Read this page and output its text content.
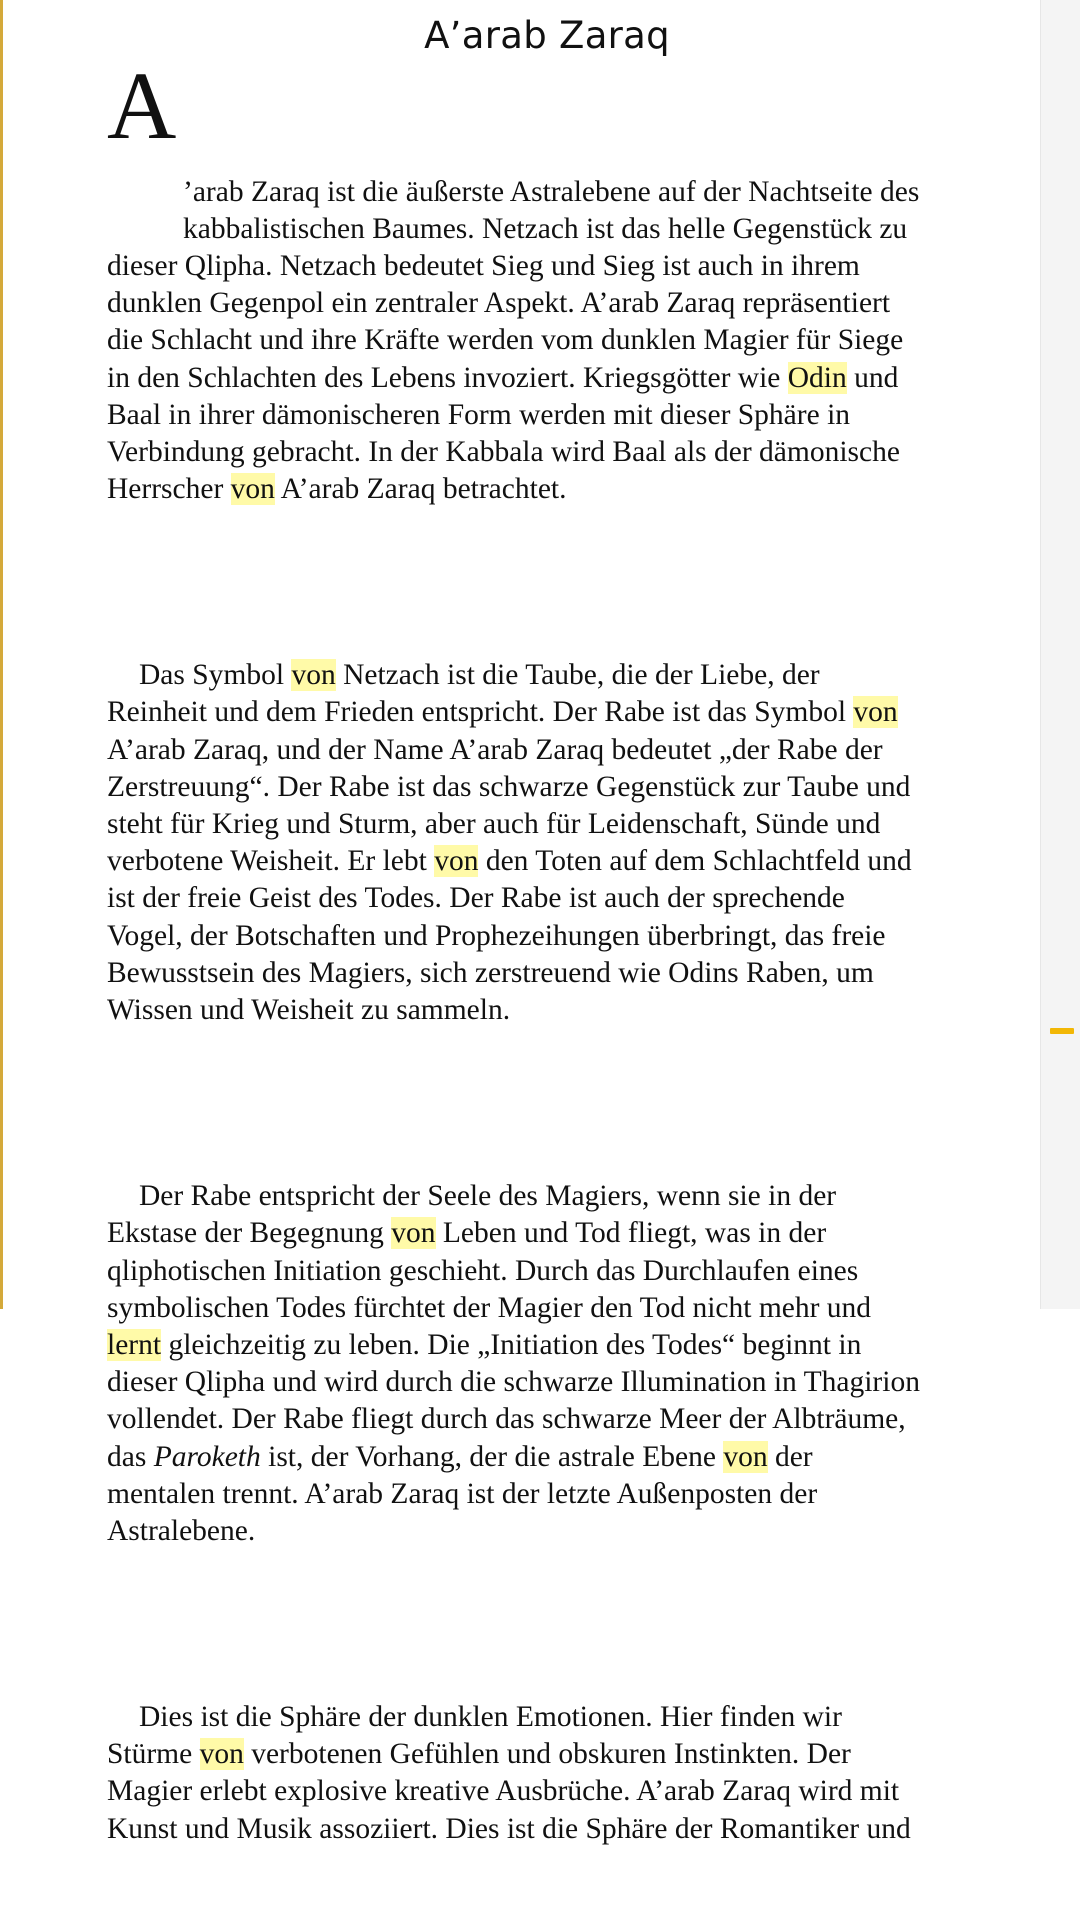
A’arab Zaraq

A

’arab Zaraq ist die äußerste Astralebene auf der Nachtseite des
kabbalistischen Baumes. Netzach ist das helle Gegenstück zu
dieser Qlipha. Netzach bedeutet Sieg und Sieg ist auch in ihrem
dunklen Gegenpol ein zentraler Aspekt. A’arab Zaraq repräsentiert
die Schlacht und ihre Kräfte werden vom dunklen Magier für Siege
in den Schlachten des Lebens invoziert. Kriegsgötter wie Odin und
Baal in ihrer dämonischeren Form werden mit dieser Sphäre in
Verbindung gebracht. In der Kabbala wird Baal als der dämonische
Herrscher von A’arab Zaraq betrachtet.

Das Symbol von Netzach ist die Taube, die der Liebe, der
Reinheit und dem Frieden entspricht. Der Rabe ist das Symbol von
A’arab Zaraq, und der Name A’arab Zaraq bedeutet „der Rabe der
Zerstreuung“. Der Rabe ist das schwarze Gegenstück zur Taube und
steht für Krieg und Sturm, aber auch für Leidenschaft, Sünde und
verbotene Weisheit. Er lebt von den Toten auf dem Schlachtfeld und
ist der freie Geist des Todes. Der Rabe ist auch der sprechende
Vogel, der Botschaften und Prophezeihungen überbringt, das freie
Bewusstsein des Magiers, sich zerstreuend wie Odins Raben, um
Wissen und Weisheit zu sammeln.

Der Rabe entspricht der Seele des Magiers, wenn sie in der
Ekstase der Begegnung von Leben und Tod fliegt, was in der
qliphotischen Initiation geschieht. Durch das Durchlaufen eines
symbolischen Todes fürchtet der Magier den Tod nicht mehr und
lernt gleichzeitig zu leben. Die „Initiation des Todes“ beginnt in
dieser Qlipha und wird durch die schwarze Illumination in Thagirion
vollendet. Der Rabe fliegt durch das schwarze Meer der Albträume,
das Paroketh ist, der Vorhang, der die astrale Ebene von der
mentalen trennt. A’arab Zaraq ist der letzte Außenposten der
Astralebene.

Dies ist die Sphäre der dunklen Emotionen. Hier finden wir
Stürme von verbotenen Gefühlen und obskuren Instinkten. Der
Magier erlebt explosive kreative Ausbrüche. A’arab Zaraq wird mit
Kunst und Musik assoziiert. Dies ist die Sphäre der Romantiker und
